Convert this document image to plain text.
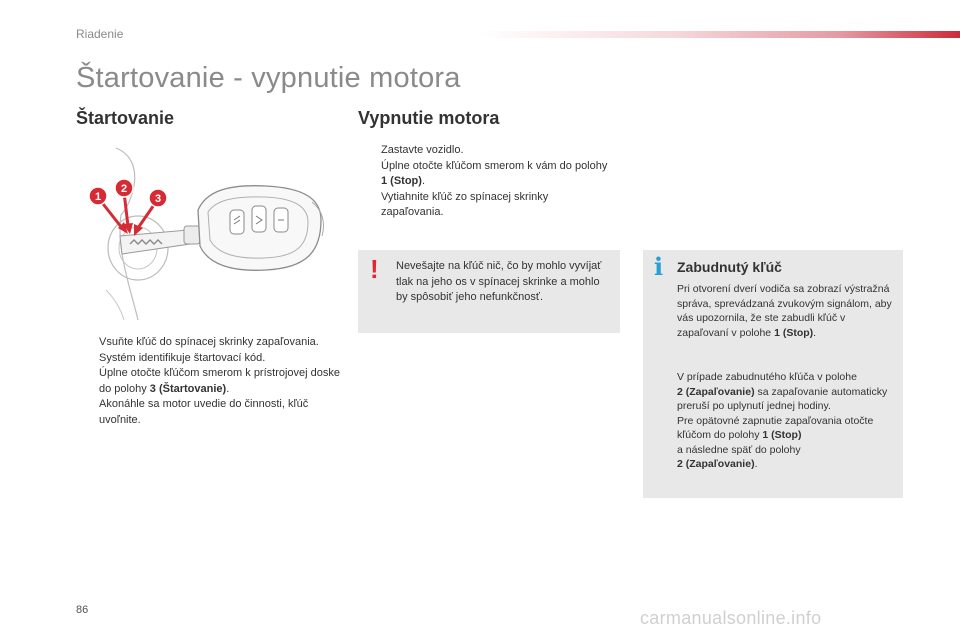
Riadenie
Štartovanie - vypnutie motora
Štartovanie	Vypnutie motora
1
2
3
Vsuňte kľúč do spínacej skrinky zapaľovania.
Systém identifikuje štartovací kód.
Úplne otočte kľúčom smerom k prístrojovej doske do polohy 3 (Štartovanie).
Akonáhle sa motor uvedie do činnosti, kľúč uvoľnite.
Zastavte vozidlo.
Úplne otočte kľúčom smerom k vám do polohy 1 (Stop).
Vytiahnite kľúč zo spínacej skrinky zapaľovania.
! Nevešajte na kľúč nič, čo by mohlo vyvíjať tlak na jeho os v spínacej skrinke a mohlo by spôsobiť jeho nefunkčnosť.

i Zabudnutý kľúč

Pri otvorení dverí vodiča sa zobrazí výstražná správa, sprevádzaná zvukovým signálom, aby vás upozornila, že ste zabudli kľúč v zapaľovaní v polohe 1 (Stop).

V prípade zabudnutého kľúča v polohe
2 (Zapaľovanie) sa zapaľovanie automaticky preruší po uplynutí jednej hodiny.
Pre opätovné zapnutie zapaľovania otočte kľúčom do polohy 1 (Stop)
a následne späť do polohy
2 (Zapaľovanie).

86	carmanualsonline.info
